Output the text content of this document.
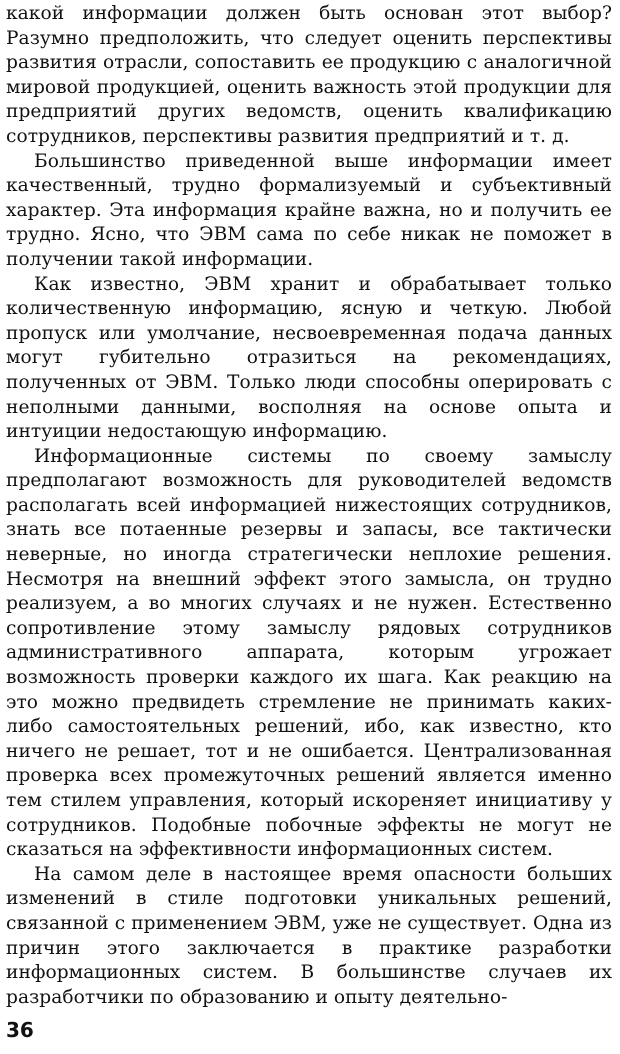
какой информации должен быть основан этот выбор? Разумно предположить, что следует оценить перспективы развития отрасли, сопоставить ее продукцию с аналогичной мировой продукцией, оценить важность этой продукции для предприятий других ведомств, оценить квалификацию сотрудников, перспективы развития предприятий и т. д.

Большинство приведенной выше информации имеет качественный, трудно формализуемый и субъективный характер. Эта информация крайне важна, но и получить ее трудно. Ясно, что ЭВМ сама по себе никак не поможет в получении такой информации.

Как известно, ЭВМ хранит и обрабатывает только количественную информацию, ясную и четкую. Любой пропуск или умолчание, несвоевременная подача данных могут губительно отразиться на рекомендациях, полученных от ЭВМ. Только люди способны оперировать с неполными данными, восполняя на основе опыта и интуиции недостающую информацию.

Информационные системы по своему замыслу предполагают возможность для руководителей ведомств располагать всей информацией нижестоящих сотрудников, знать все потаенные резервы и запасы, все тактически неверные, но иногда стратегически неплохие решения. Несмотря на внешний эффект этого замысла, он трудно реализуем, а во многих случаях и не нужен. Естественно сопротивление этому замыслу рядовых сотрудников административного аппарата, которым угрожает возможность проверки каждого их шага. Как реакцию на это можно предвидеть стремление не принимать каких-либо самостоятельных решений, ибо, как известно, кто ничего не решает, тот и не ошибается. Централизованная проверка всех промежуточных решений является именно тем стилем управления, который искореняет инициативу у сотрудников. Подобные побочные эффекты не могут не сказаться на эффективности информационных систем.

На самом деле в настоящее время опасности больших изменений в стиле подготовки уникальных решений, связанной с применением ЭВМ, уже не существует. Одна из причин этого заключается в практике разработки информационных систем. В большинстве случаев их разработчики по образованию и опыту деятельно-

36
